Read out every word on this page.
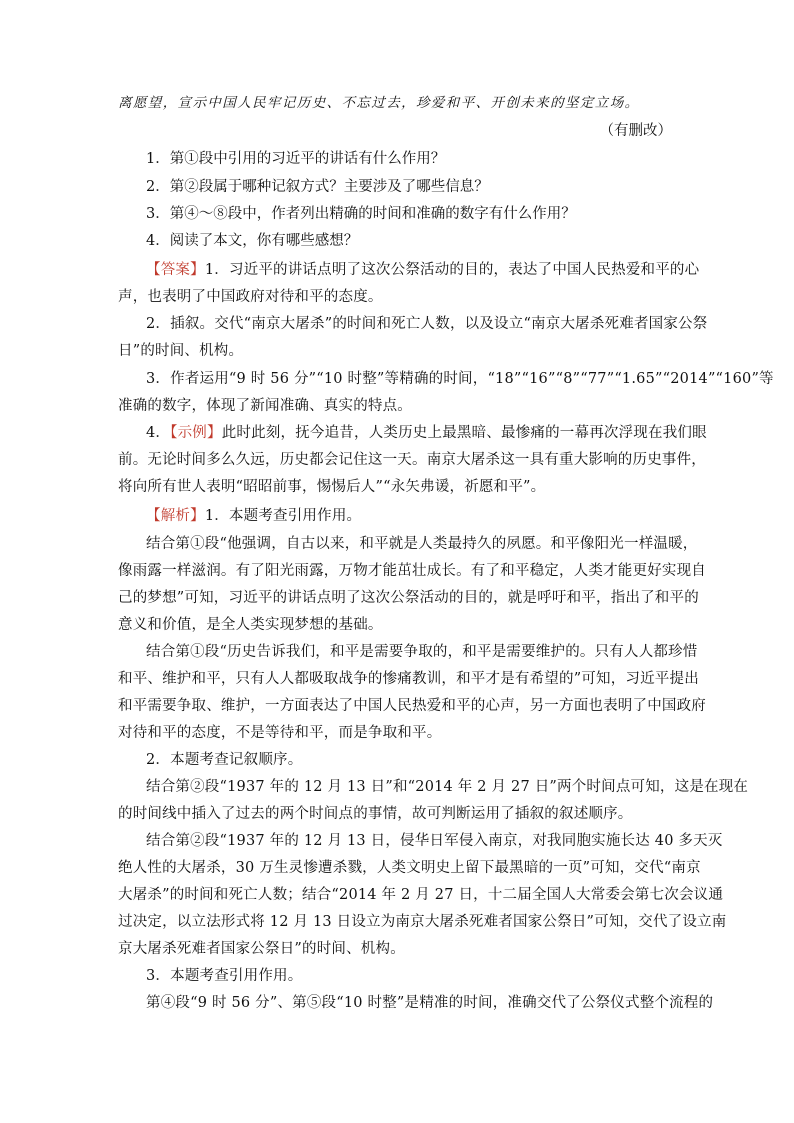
离愿望，宣示中国人民牢记历史、不忘过去，珍爱和平、开创未来的坚定立场。
（有删改）
1．第①段中引用的习近平的讲话有什么作用？
2．第②段属于哪种记叙方式？主要涉及了哪些信息？
3．第④～⑧段中，作者列出精确的时间和准确的数字有什么作用？
4．阅读了本文，你有哪些感想？
【答案】1．习近平的讲话点明了这次公祭活动的目的，表达了中国人民热爱和平的心
声，也表明了中国政府对待和平的态度。
2．插叙。交代“南京大屠杀”的时间和死亡人数，以及设立“南京大屠杀死难者国家公祭
日”的时间、机构。
3．作者运用“9 时 56 分”“10 时整”等精确的时间，“18”“16”“8”“77”“1.65”“2014”“160”等
准确的数字，体现了新闻准确、真实的特点。
4．【示例】此时此刻，抚今追昔，人类历史上最黑暗、最惨痛的一幕再次浮现在我们眼
前。无论时间多么久远，历史都会记住这一天。南京大屠杀这一具有重大影响的历史事件，
将向所有世人表明“昭昭前事，惕惕后人”“永矢弗谖，祈愿和平”。
【解析】1．本题考查引用作用。
结合第①段“他强调，自古以来，和平就是人类最持久的夙愿。和平像阳光一样温暖，
像雨露一样滋润。有了阳光雨露，万物才能茁壮成长。有了和平稳定，人类才能更好实现自
己的梦想”可知，习近平的讲话点明了这次公祭活动的目的，就是呼吁和平，指出了和平的
意义和价值，是全人类实现梦想的基础。
结合第①段“历史告诉我们，和平是需要争取的，和平是需要维护的。只有人人都珍惜
和平、维护和平，只有人人都吸取战争的惨痛教训，和平才是有希望的”可知，习近平提出
和平需要争取、维护，一方面表达了中国人民热爱和平的心声，另一方面也表明了中国政府
对待和平的态度，不是等待和平，而是争取和平。
2．本题考查记叙顺序。
结合第②段“1937 年的 12 月 13 日”和“2014 年 2 月 27 日”两个时间点可知，这是在现在
的时间线中插入了过去的两个时间点的事情，故可判断运用了插叙的叙述顺序。
结合第②段“1937 年的 12 月 13 日，侵华日军侵入南京，对我同胞实施长达 40 多天灭
绝人性的大屠杀，30 万生灵惨遭杀戮，人类文明史上留下最黑暗的一页”可知，交代“南京
大屠杀”的时间和死亡人数；结合“2014 年 2 月 27 日，十二届全国人大常委会第七次会议通
过决定，以立法形式将 12 月 13 日设立为南京大屠杀死难者国家公祭日”可知，交代了设立南
京大屠杀死难者国家公祭日”的时间、机构。
3．本题考查引用作用。
第④段“9 时 56 分”、第⑤段“10 时整”是精准的时间，准确交代了公祭仪式整个流程的
